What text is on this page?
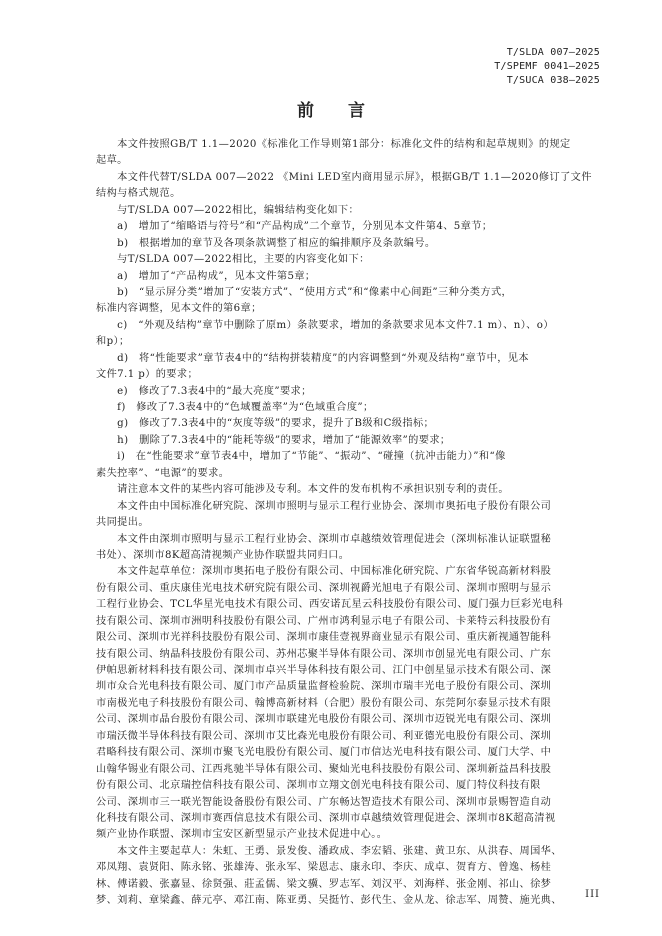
T/SLDA 007—2025
T/SPEMF 0041—2025
T/SUCA 038—2025
前 言
　　本文件按照GB/T 1.1—2020《标准化工作导则第1部分：标准化文件的结构和起草规则》的规定
起草。
　　本文件代替T/SLDA 007—2022 《Mini LED室内商用显示屏》，根据GB/T 1.1—2020修订了文件
结构与格式规范。
　　与T/SLDA 007—2022相比，编辑结构变化如下：
　　a)　增加了“缩略语与符号”和“产品构成”二个章节，分别见本文件第4、5章节；
　　b)　根据增加的章节及各项条款调整了相应的编排顺序及条款编号。
　　与T/SLDA 007—2022相比，主要的内容变化如下：
　　a)　增加了“产品构成”，见本文件第5章；
　　b)　“显示屏分类”增加了“安装方式”、“使用方式”和“像素中心间距”三种分类方式，
标准内容调整，见本文件的第6章；
　　c)　“外观及结构”章节中删除了原m）条款要求，增加的条款要求见本文件7.1 m）、n）、o）
和p）；
　　d)　将“性能要求”章节表4中的“结构拼装精度”的内容调整到“外观及结构”章节中，见本
文件7.1 p）的要求；
　　e)　修改了7.3表4中的“最大亮度”要求；
　　f)　修改了7.3表4中的“色域覆盖率”为“色域重合度”；
　　g)　修改了7.3表4中的“灰度等级”的要求，提升了B级和C级指标；
　　h)　删除了7.3表4中的“能耗等级”的要求，增加了“能源效率”的要求；
　　i)　在“性能要求”章节表4中，增加了“节能”、“振动”、“碰撞（抗冲击能力）”和“像
素失控率”、“电源”的要求。
　　请注意本文件的某些内容可能涉及专利。本文件的发布机构不承担识别专利的责任。
　　本文件由中国标准化研究院、深圳市照明与显示工程行业协会、深圳市奥拓电子股份有限公司
共同提出。
　　本文件由深圳市照明与显示工程行业协会、深圳市卓越绩效管理促进会（深圳标准认证联盟秘
书处）、深圳市8K超高清视频产业协作联盟共同归口。
　　本文件起草单位：深圳市奥拓电子股份有限公司、中国标准化研究院、广东省华锐高新材料股
份有限公司、重庆康佳光电技术研究院有限公司、深圳视爵光旭电子有限公司、深圳市照明与显示
工程行业协会、TCL华星光电技术有限公司、西安诺瓦星云科技股份有限公司、厦门强力巨彩光电科
技有限公司、深圳市洲明科技股份有限公司、广州市鸿利显示电子有限公司、卡莱特云科技股份有
限公司、深圳市光祥科技股份有限公司、深圳市康佳壹视界商业显示有限公司、重庆新视通智能科
技有限公司、纳晶科技股份有限公司、苏州芯聚半导体有限公司、深圳市创显光电有限公司、广东
伊帕思新材料科技有限公司、深圳市卓兴半导体科技有限公司、江门中创星显示技术有限公司、深
圳市众合光电科技有限公司、厦门市产品质量监督检验院、深圳市瑞丰光电子股份有限公司、深圳
市南极光电子科技股份有限公司、翰博高新材料（合肥）股份有限公司、东莞阿尔泰显示技术有限
公司、深圳市晶台股份有限公司、深圳市联建光电股份有限公司、深圳市迈锐光电有限公司、深圳
市瑞沃微半导体科技有限公司、深圳市艾比森光电股份有限公司、利亚德光电股份有限公司、深圳
君略科技有限公司、深圳市聚飞光电股份有限公司、厦门市信达光电科技有限公司、厦门大学、中
山翰华锡业有限公司、江西兆驰半导体有限公司、聚灿光电科技股份有限公司、深圳新益昌科技股
份有限公司、北京瑞控信科技有限公司、深圳市立翔文创光电科技有限公司、厦门特仪科技有限
公司、深圳市三一联光智能设备股份有限公司、广东畅达智造技术有限公司、深圳市景赐智造自动
化科技有限公司、深圳市赛西信息技术有限公司、深圳市卓越绩效管理促进会、深圳市8K超高清视
频产业协作联盟、深圳市宝安区新型显示产业技术促进中心。。
　　本文件主要起草人：朱虹、王勇、景发俊、潘政成、李宏韬、张建、黄卫东、从洪春、周国华、
邓凤翔、袁贤阳、陈永铭、张雄涛、张永军、梁恩志、康永印、李庆、成卓、贺育方、曾逸、杨桂
林、傅诺毅、张嘉显、徐贤强、莊孟儒、梁文骥、罗志军、刘汉平、刘海样、张金刚、祁山、徐梦
梦、刘莉、章梁鑫、薛元亭、邓江南、陈亚勇、吴挺竹、彭代生、金从龙、徐志军、周赞、施光典、
III
